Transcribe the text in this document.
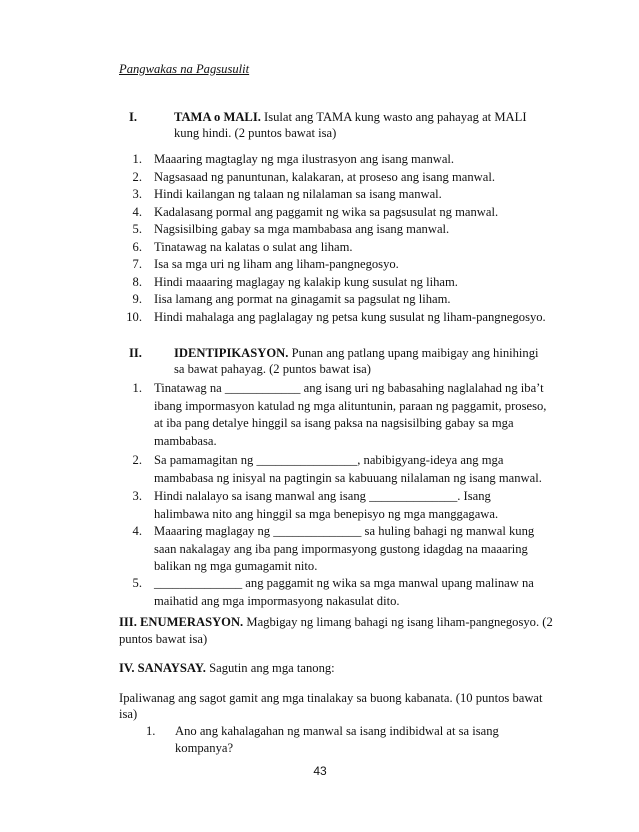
Pangwakas na Pagsusulit
I.	TAMA o MALI. Isulat ang TAMA kung wasto ang pahayag at MALI
kung hindi. (2 puntos bawat isa)
1. Maaaring magtaglay ng mga ilustrasyon ang isang manwal.
2. Nagsasaad ng panuntunan, kalakaran, at proseso ang isang manwal.
3. Hindi kailangan ng talaan ng nilalaman sa isang manwal.
4. Kadalasang pormal ang paggamit ng wika sa pagsusulat ng manwal.
5. Nagsisilbing gabay sa mga mambabasa ang isang manwal.
6. Tinatawag na kalatas o sulat ang liham.
7. Isa sa mga uri ng liham ang liham-pangnegosyo.
8. Hindi maaaring maglagay ng kalakip kung susulat ng liham.
9. Iisa lamang ang pormat na ginagamit sa pagsulat ng liham.
10. Hindi mahalaga ang paglalagay ng petsa kung susulat ng liham-pangnegosyo.
II.	IDENTIPIKASYON. Punan ang patlang upang maibigay ang hinihingi
sa bawat pahayag. (2 puntos bawat isa)
1. Tinatawag na ____________ ang isang uri ng babasahing naglalahad ng iba’t
ibang impormasyon katulad ng mga alituntunin, paraan ng paggamit, proseso,
at iba pang detalye hinggil sa isang paksa na nagsisilbing gabay sa mga
mambabasa.
2. Sa pamamagitan ng ________________, nabibigyang-ideya ang mga
mambabasa ng inisyal na pagtingin sa kabuuang nilalaman ng isang manwal.
3. Hindi nalalayo sa isang manwal ang isang ______________. Isang
halimbawa nito ang hinggil sa mga benepisyo ng mga manggagawa.
4. Maaaring maglagay ng ______________ sa huling bahagi ng manwal kung
saan nakalagay ang iba pang impormasyong gustong idagdag na maaaring
balikan ng mga gumagamit nito.
5. ______________ ang paggamit ng wika sa mga manwal upang malinaw na
maihatid ang mga impormasyong nakasulat dito.
III. ENUMERASYON. Magbigay ng limang bahagi ng isang liham-pangnegosyo. (2
puntos bawat isa)
IV. SANAYSAY. Sagutin ang mga tanong:
Ipaliwanag ang sagot gamit ang mga tinalakay sa buong kabanata. (10 puntos bawat
isa)
1. Ano ang kahalagahan ng manwal sa isang indibidwal at sa isang
kompanya?
43
